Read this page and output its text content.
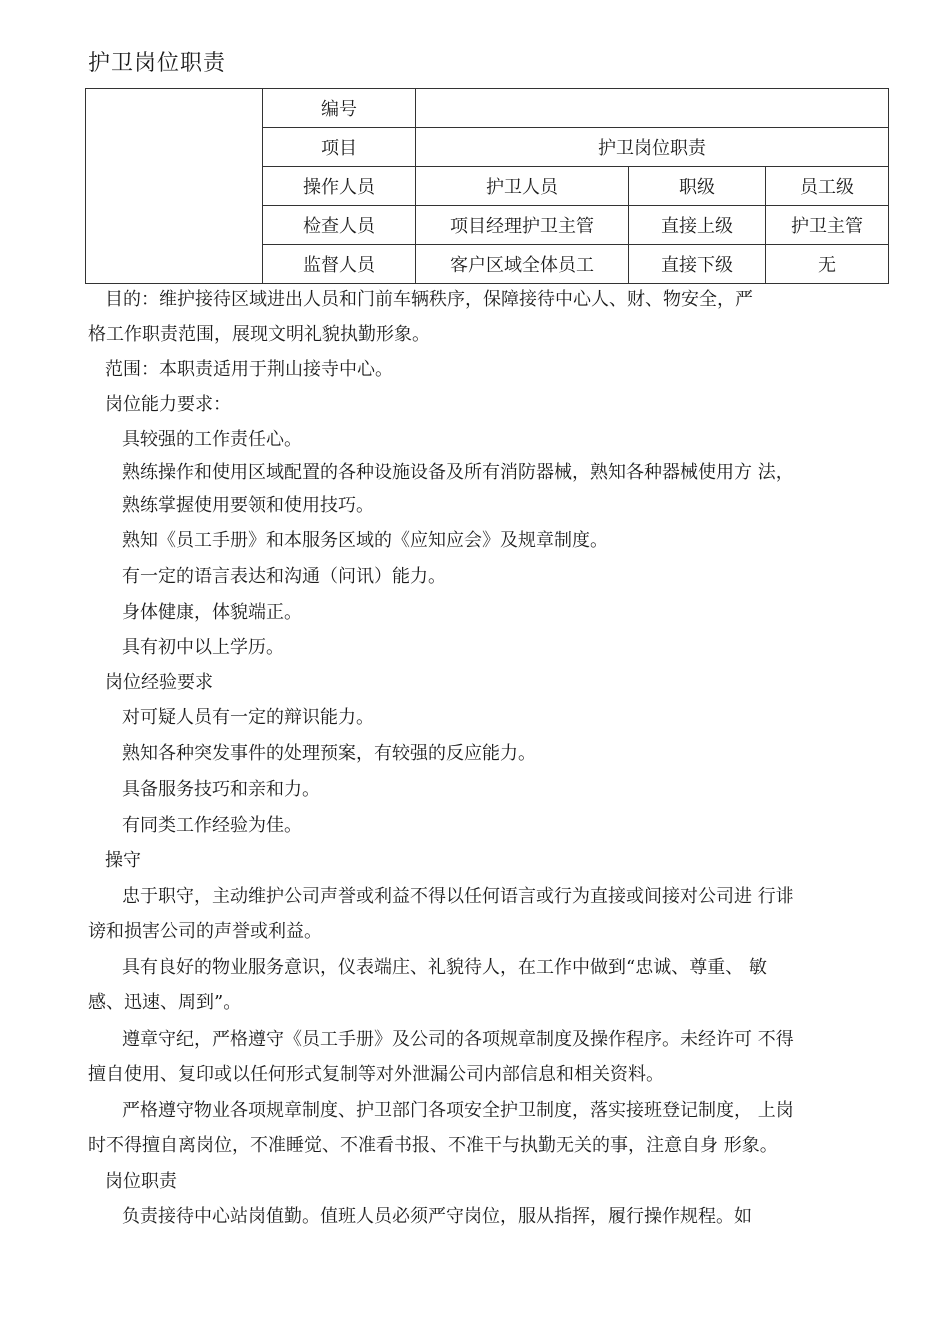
护卫岗位职责
	编号			
	项目	护卫岗位职责		
	操作人员	护卫人员	职级	员工级
	检查人员	项目经理护卫主管	直接上级	护卫主管
	监督人员	客户区域全体员工	直接下级	无
目的：维护接待区域进出人员和门前车辆秩序，保障接待中心人、财、物安全，严
格工作职责范围，展现文明礼貌执勤形象。
范围：本职责适用于荆山接寺中心。
岗位能力要求：
具较强的工作责任心。
熟练操作和使用区域配置的各种设施设备及所有消防器械，熟知各种器械使用方 法，
熟练掌握使用要领和使用技巧。
熟知《员工手册》和本服务区域的《应知应会》及规章制度。
有一定的语言表达和沟通（问讯）能力。
身体健康，体貌端正。
具有初中以上学历。
岗位经验要求
对可疑人员有一定的辩识能力。
熟知各种突发事件的处理预案，有较强的反应能力。
具备服务技巧和亲和力。
有同类工作经验为佳。
操守
忠于职守，主动维护公司声誉或利益不得以任何语言或行为直接或间接对公司进 行诽
谤和损害公司的声誉或利益。
具有良好的物业服务意识，仪表端庄、礼貌待人，在工作中做到“忠诚、尊重、 敏
感、迅速、周到”。
遵章守纪，严格遵守《员工手册》及公司的各项规章制度及操作程序。未经许可 不得
擅自使用、复印或以任何形式复制等对外泄漏公司内部信息和相关资料。
严格遵守物业各项规章制度、护卫部门各项安全护卫制度，落实接班登记制度， 上岗
时不得擅自离岗位，不准睡觉、不准看书报、不准干与执勤无关的事，注意自身 形象。
岗位职责
负责接待中心站岗值勤。值班人员必须严守岗位，服从指挥，履行操作规程。如
